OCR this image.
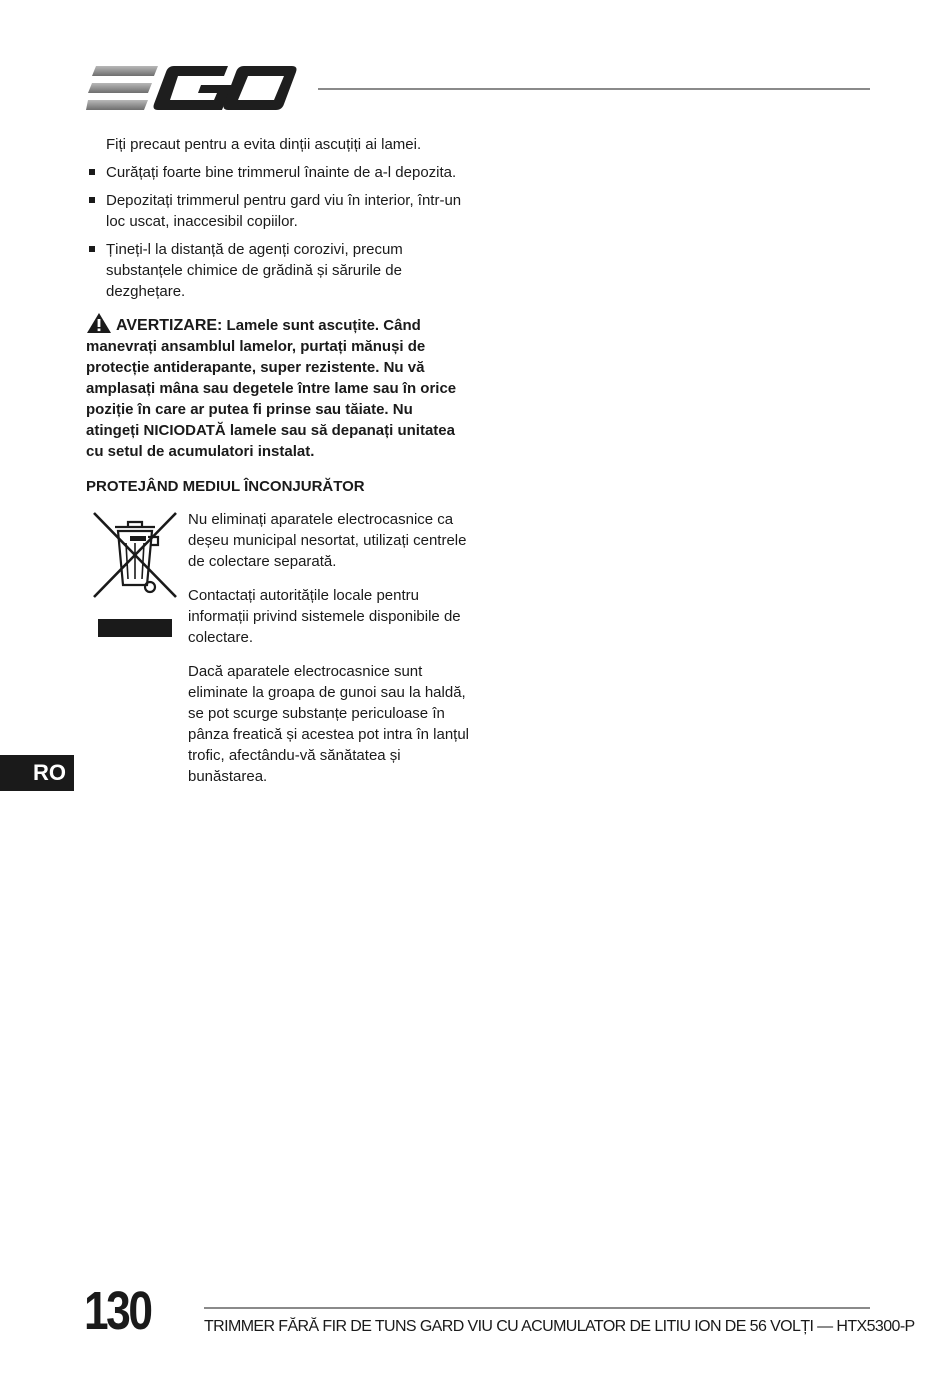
Fiți precaut pentru a evita dinții ascuțiți ai lamei.

Curățați foarte bine trimmerul înainte de a-l depozita.
Depozitați trimmerul pentru gard viu în interior, într-un loc uscat, inaccesibil copiilor.
Țineți-l la distanță de agenți corozivi, precum substanțele chimice de grădină și sărurile de dezghețare.

AVERTIZARE: Lamele sunt ascuțite. Când manevrați ansamblul lamelor, purtați mănuși de protecție antiderapante, super rezistente. Nu vă amplasați mâna sau degetele între lame sau în orice poziție în care ar putea fi prinse sau tăiate. Nu atingeți NICIODATĂ lamele sau să depanați unitatea cu setul de acumulatori instalat.

PROTEJÂND MEDIUL ÎNCONJURĂTOR

Nu eliminați aparatele electrocasnice ca deșeu municipal nesortat, utilizați centrele de colectare separată.

Contactați autoritățile locale pentru informații privind sistemele disponibile de colectare.

Dacă aparatele electrocasnice sunt eliminate la groapa de gunoi sau la haldă, se pot scurge substanțe periculoase în pânza freatică și acestea pot intra în lanțul trofic, afectându-vă sănătatea și bunăstarea.

RO
130	TRIMMER FĂRĂ FIR DE TUNS GARD VIU CU ACUMULATOR DE LITIU ION DE 56 VOLȚI — HTX5300-P
